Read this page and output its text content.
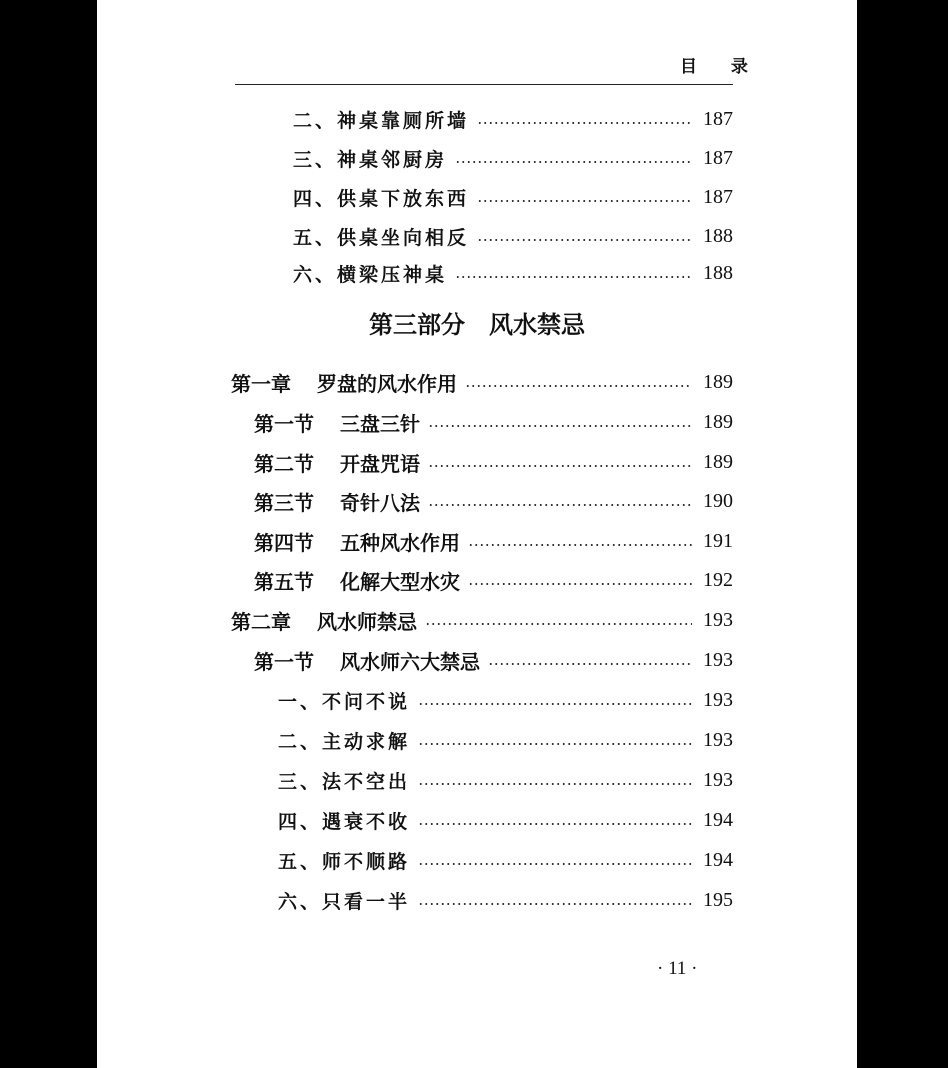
目 录
二、神桌靠厕所墙	187
三、神桌邻厨房	187
四、供桌下放东西	187
五、供桌坐向相反	188
六、横梁压神桌	188
第三部分　风水禁忌
第一章 罗盘的风水作用	189
第一节 三盘三针	189
第二节 开盘咒语	189
第三节 奇针八法	190
第四节 五种风水作用	191
第五节 化解大型水灾	192
第二章 风水师禁忌	193
第一节 风水师六大禁忌	193
一、不问不说	193
二、主动求解	193
三、法不空出	193
四、遇衰不收	194
五、师不顺路	194
六、只看一半	195
· 11 ·
